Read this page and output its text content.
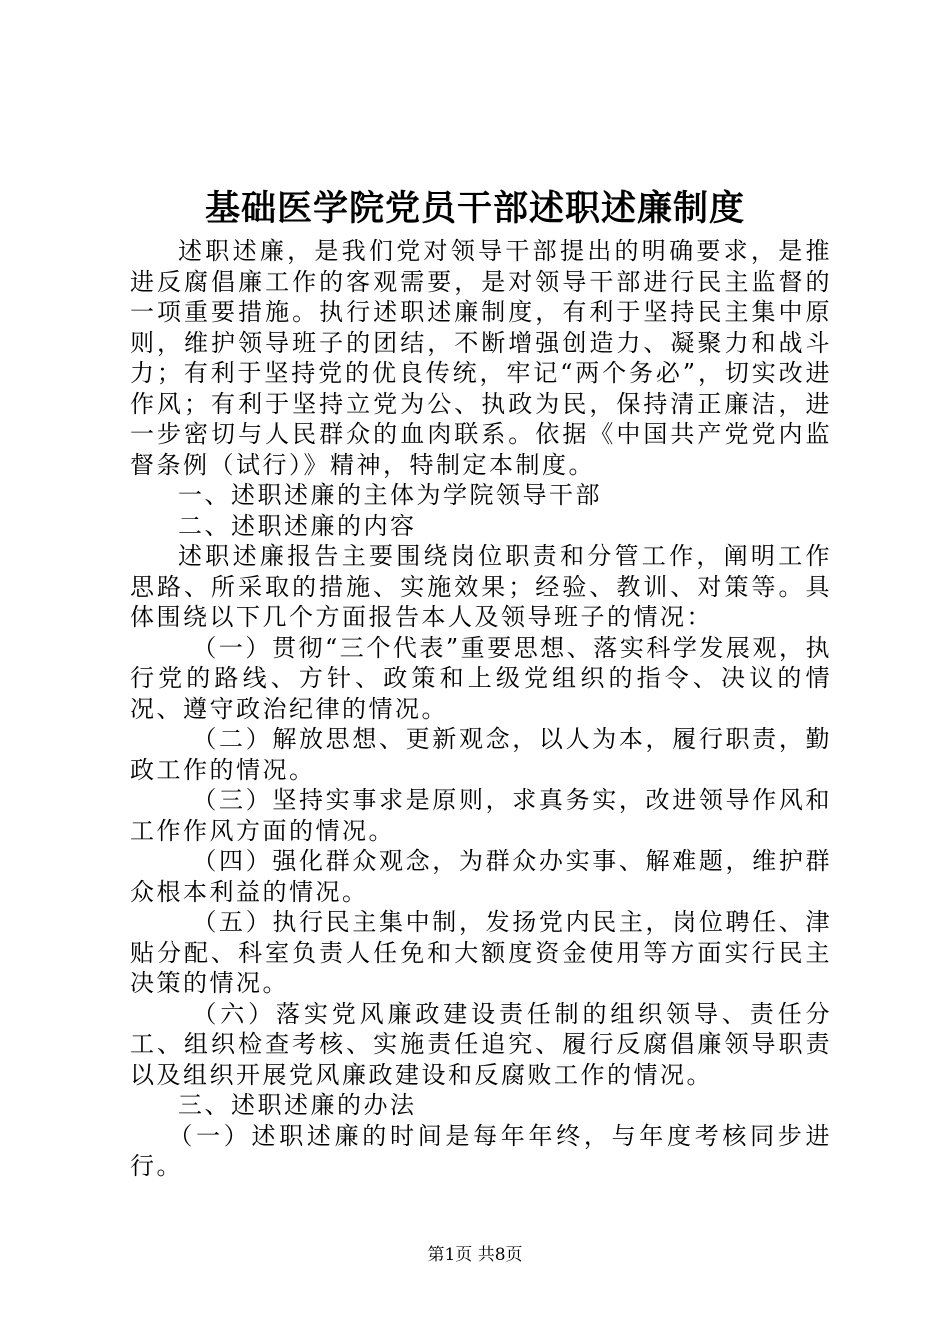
基础医学院党员干部述职述廉制度

述职述廉，是我们党对领导干部提出的明确要求，是推进反腐倡廉工作的客观需要，是对领导干部进行民主监督的一项重要措施。执行述职述廉制度，有利于坚持民主集中原则，维护领导班子的团结，不断增强创造力、凝聚力和战斗力；有利于坚持党的优良传统，牢记“两个务必”，切实改进作风；有利于坚持立党为公、执政为民，保持清正廉洁，进一步密切与人民群众的血肉联系。依据《中国共产党党内监督条例（试行）》精神，特制定本制度。

一、述职述廉的主体为学院领导干部

二、述职述廉的内容

述职述廉报告主要围绕岗位职责和分管工作，阐明工作思路、所采取的措施、实施效果；经验、教训、对策等。具体围绕以下几个方面报告本人及领导班子的情况：

（一）贯彻“三个代表”重要思想、落实科学发展观，执行党的路线、方针、政策和上级党组织的指令、决议的情况、遵守政治纪律的情况。

（二）解放思想、更新观念，以人为本，履行职责，勤政工作的情况。

（三）坚持实事求是原则，求真务实，改进领导作风和工作作风方面的情况。

（四）强化群众观念，为群众办实事、解难题，维护群众根本利益的情况。

（五）执行民主集中制，发扬党内民主，岗位聘任、津贴分配、科室负责人任免和大额度资金使用等方面实行民主决策的情况。

（六）落实党风廉政建设责任制的组织领导、责任分工、组织检查考核、实施责任追究、履行反腐倡廉领导职责以及组织开展党风廉政建设和反腐败工作的情况。

三、述职述廉的办法

（一）述职述廉的时间是每年年终，与年度考核同步进行。

第1页 共8页
